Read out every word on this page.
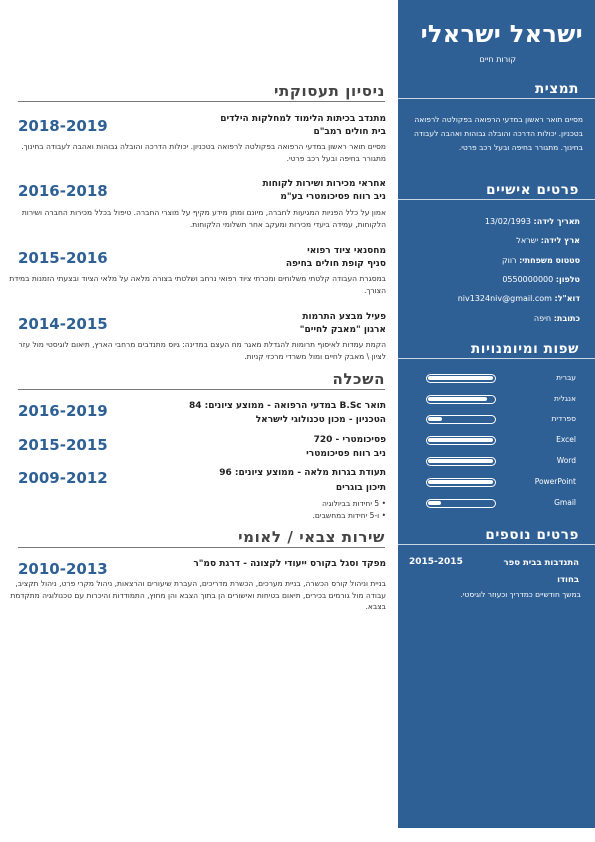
ישראל ישראלי
קורות חיים
תמצית
מסיים תואר ראשון במדעי הרפואה בפקולטה לרפואה בטכניון. יכולות הדרכה והובלה גבוהות ואהבה לעבודה בחינוך. מתגורר בחיפה ובעל רכב פרטי.
פרטים אישיים
תאריך לידה: 13/02/1993
ארץ לידה: ישראל
סטטוס משפחתי: רווק
טלפון: 0550000000
דוא"ל: niv1324niv@gmail.com
כתובת: חיפה
שפות ומיומנויות
עברית
אנגלית
ספרדית
Excel
Word
PowerPoint
Gmail
פרטים נוספים
2015-2015	התנדבות בבית ספר בחודו
במשך חודשיים כמדריך וכעוזר לוגיסטי.
ניסיון תעסוקתי
2018-2019	מתנדב בכיתות הלימוד למחלקות הילדים
בית חולים רמב"ם
מסיים תואר ראשון במדעי הרפואה בפקולטה לרפואה בטכניון. יכולות הדרכה והובלה גבוהות ואהבה לעבודה בחינוך. מתגורר בחיפה ובעל רכב פרטי.
2016-2018	אחראי מכירות ושירות לקוחות
ניב רווח פסיכומטרי בע"מ
אמון על כלל הפניות המגיעות לחברה, מיונם ומתן מידע מקיף על מוצרי החברה. טיפול בכלל מכירות החברה ושירות הלקוחות, עמידה ביעדי מכירות ומעקב אחר תשלומי הלקוחות.
2015-2016	מחסנאי ציוד רפואי
סניף קופת חולים בחיפה
במסגרת העבודה קלטתי משלוחים ומכרתי ציוד רפואי נרחב ושלטתי בצורה מלאה על מלאי הציוד ובצעתי הזמנות במידת הצורך.
2014-2015	פעיל מבצע התרמות
ארגון "מאבק לחיים"
הקמת עמדות לאיסוף תרומות להגדלת מאגר מח העצם במדינה: גיוס מתנדבים מרחבי הארץ, תיאום לוגיסטי מול עזר לציון \ מאבק לחיים ומול משרדי מרכזי קניות.
השכלה
2016-2019	תואר B.Sc במדעי הרפואה - ממוצע ציונים: 84
הטכניון - מכון טכנולוגי לישראל
2015-2015	פסיכומטרי - 720
ניב רווח פסיכומטרי
2009-2012	תעודת בגרות מלאה - ממוצע ציונים: 96
תיכון בוגרים
• 5 יחידות בביולוגיה
• ו-5 יחידות במחשבים.
שירות צבאי / לאומי
2010-2013	מפקד וסגל בקורס ייעודי לקצונה - דרגת סמ"ר
בניית וניהול קורס הכשרה, בניית מערכים, הכשרת מדריכים, העברת שיעורים והרצאות, ניהול מקרי פרט, ניהול תקציב, עבודה מול גורמים בכירים, תיאום בטיחות ואישורים הן בתוך הצבא והן מחוץ, התמודדות והיכרות עם טכנולוגיה מתקדמת בצבא.
